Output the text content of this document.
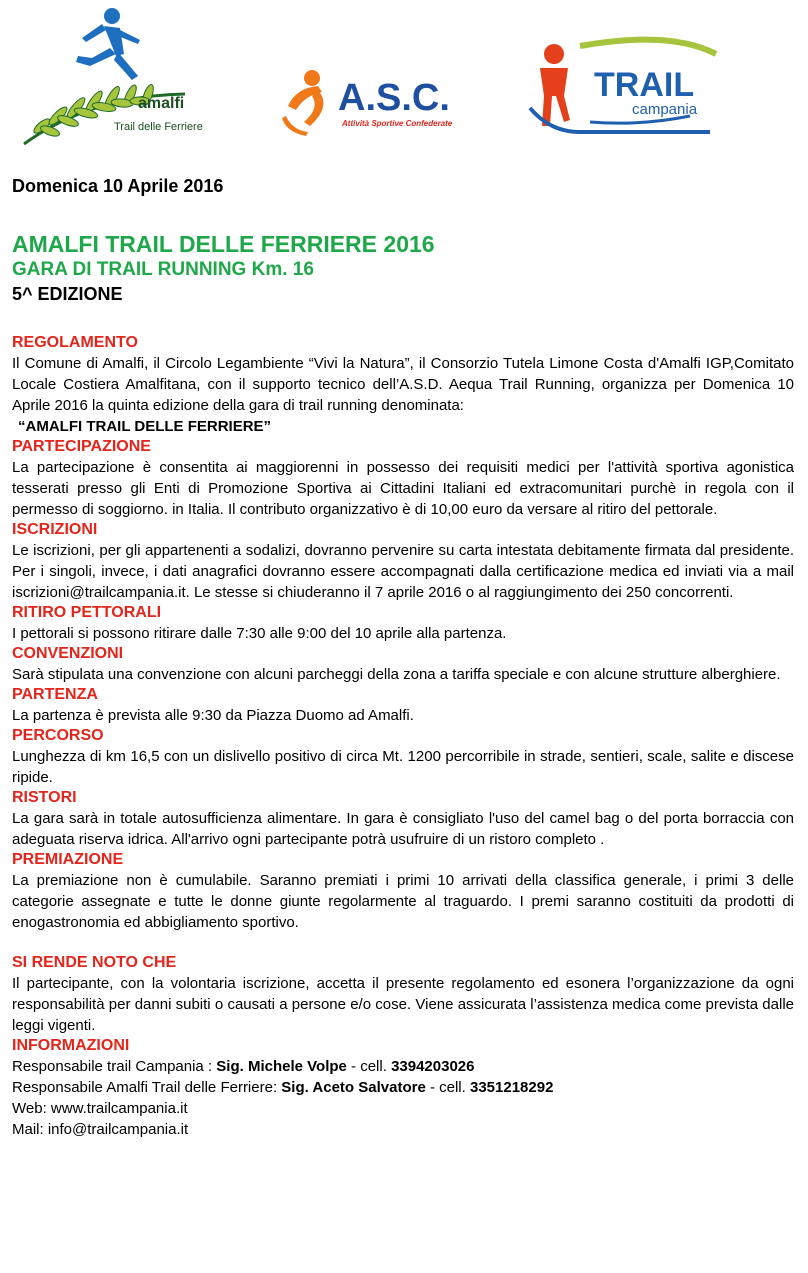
amalfi
Trail delle Ferriere
A.S.C.
Attività Sportive Confederate
TRAIL
campania

Domenica 10 Aprile 2016

AMALFI TRAIL DELLE FERRIERE 2016

GARA DI TRAIL RUNNING Km. 16

5^ EDIZIONE

REGOLAMENTO

Il Comune di Amalfi, il Circolo Legambiente “Vivi la Natura”, il Consorzio Tutela Limone Costa d'Amalfi IGP,Comitato Locale Costiera Amalfitana, con il supporto tecnico dell’A.S.D. Aequa Trail Running, organizza per Domenica 10 Aprile 2016 la quinta edizione della gara di trail running denominata:

“AMALFI TRAIL DELLE FERRIERE”

PARTECIPAZIONE

La partecipazione è consentita ai maggiorenni in possesso dei requisiti medici per l'attività sportiva agonistica tesserati presso gli Enti di Promozione Sportiva ai Cittadini Italiani ed extracomunitari purchè in regola con il permesso di soggiorno. in Italia. Il contributo organizzativo è di 10,00 euro da versare al ritiro del pettorale.

ISCRIZIONI

Le iscrizioni, per gli appartenenti a sodalizi, dovranno pervenire su carta intestata debitamente firmata dal presidente. Per i singoli, invece, i dati anagrafici dovranno essere accompagnati dalla certificazione medica ed inviati via a mail iscrizioni@trailcampania.it. Le stesse si chiuderanno il 7 aprile 2016 o al raggiungimento dei 250 concorrenti.

RITIRO PETTORALI

I pettorali si possono ritirare dalle 7:30 alle 9:00 del 10 aprile alla partenza.

CONVENZIONI

Sarà stipulata una convenzione con alcuni parcheggi della zona a tariffa speciale e con alcune strutture alberghiere.

PARTENZA

La partenza è prevista alle 9:30 da Piazza Duomo ad Amalfi.

PERCORSO

Lunghezza di km 16,5 con un dislivello positivo di circa Mt. 1200 percorribile in strade, sentieri, scale, salite e discese ripide.

RISTORI

La gara sarà in totale autosufficienza alimentare. In gara è consigliato l'uso del camel bag o del porta borraccia con adeguata riserva idrica. All'arrivo ogni partecipante potrà usufruire di un ristoro completo .

PREMIAZIONE

La premiazione non è cumulabile. Saranno premiati i primi 10 arrivati della classifica generale, i primi 3 delle categorie assegnate e tutte le donne giunte regolarmente al traguardo. I premi saranno costituiti da prodotti di enogastronomia ed abbigliamento sportivo.

SI RENDE NOTO CHE

Il partecipante, con la volontaria iscrizione, accetta il presente regolamento ed esonera l’organizzazione da ogni responsabilità per danni subiti o causati a persone e/o cose. Viene assicurata l’assistenza medica come prevista dalle leggi vigenti.

INFORMAZIONI

Responsabile trail Campania : Sig. Michele Volpe - cell. 3394203026

Responsabile Amalfi Trail delle Ferriere: Sig. Aceto Salvatore - cell. 3351218292

Web: www.trailcampania.it

Mail: info@trailcampania.it
